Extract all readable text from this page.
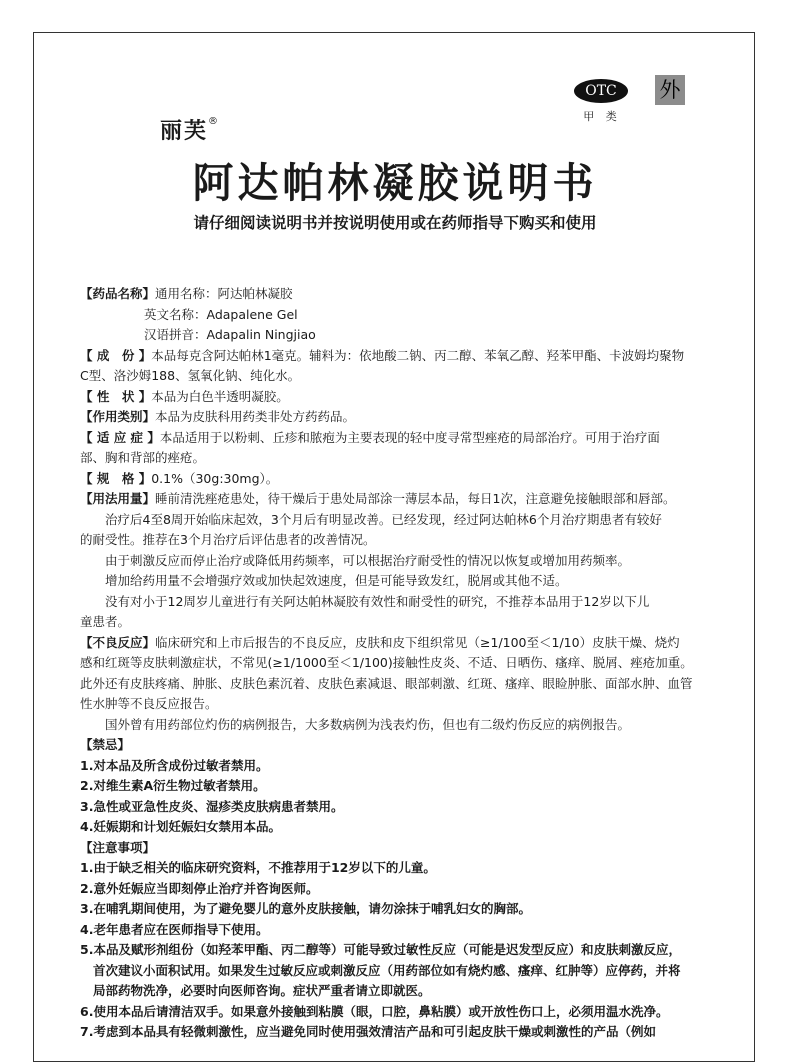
丽芙®
OTC
甲 类
外
阿达帕林凝胶说明书
请仔细阅读说明书并按说明使用或在药师指导下购买和使用
【药品名称】通用名称：阿达帕林凝胶
英文名称：Adapalene Gel
汉语拼音：Adapalin Ningjiao
【 成　份 】本品每克含阿达帕林1毫克。辅料为：依地酸二钠、丙二醇、苯氧乙醇、羟苯甲酯、卡波姆均聚物
C型、洛沙姆188、氢氧化钠、纯化水。
【 性　状 】本品为白色半透明凝胶。
【作用类别】本品为皮肤科用药类非处方药药品。
【 适 应 症 】本品适用于以粉刺、丘疹和脓疱为主要表现的轻中度寻常型痤疮的局部治疗。可用于治疗面
部、胸和背部的痤疮。
【 规　格 】0.1%（30g:30mg）。
【用法用量】睡前清洗痤疮患处，待干燥后于患处局部涂一薄层本品，每日1次，注意避免接触眼部和唇部。
治疗后4至8周开始临床起效，3个月后有明显改善。已经发现，经过阿达帕林6个月治疗期患者有较好
的耐受性。推荐在3个月治疗后评估患者的改善情况。
由于刺激反应而停止治疗或降低用药频率，可以根据治疗耐受性的情况以恢复或增加用药频率。
增加给药用量不会增强疗效或加快起效速度，但是可能导致发红，脱屑或其他不适。
没有对小于12周岁儿童进行有关阿达帕林凝胶有效性和耐受性的研究，不推荐本品用于12岁以下儿
童患者。
【不良反应】临床研究和上市后报告的不良反应，皮肤和皮下组织常见（≥1/100至＜1/10）皮肤干燥、烧灼
感和红斑等皮肤刺激症状，不常见(≥1/1000至＜1/100)接触性皮炎、不适、日晒伤、瘙痒、脱屑、痤疮加重。
此外还有皮肤疼痛、肿胀、皮肤色素沉着、皮肤色素减退、眼部刺激、红斑、瘙痒、眼睑肿胀、面部水肿、血管
性水肿等不良反应报告。
国外曾有用药部位灼伤的病例报告，大多数病例为浅表灼伤，但也有二级灼伤反应的病例报告。
【禁忌】
1.对本品及所含成份过敏者禁用。
2.对维生素A衍生物过敏者禁用。
3.急性或亚急性皮炎、湿疹类皮肤病患者禁用。
4.妊娠期和计划妊娠妇女禁用本品。
【注意事项】
1.由于缺乏相关的临床研究资料，不推荐用于12岁以下的儿童。
2.意外妊娠应当即刻停止治疗并咨询医师。
3.在哺乳期间使用，为了避免婴儿的意外皮肤接触，请勿涂抹于哺乳妇女的胸部。
4.老年患者应在医师指导下使用。
5.本品及赋形剂组份（如羟苯甲酯、丙二醇等）可能导致过敏性反应（可能是迟发型反应）和皮肤刺激反应，
首次建议小面积试用。如果发生过敏反应或刺激反应（用药部位如有烧灼感、瘙痒、红肿等）应停药，并将
局部药物洗净，必要时向医师咨询。症状严重者请立即就医。
6.使用本品后请清洁双手。如果意外接触到粘膜（眼，口腔，鼻粘膜）或开放性伤口上，必须用温水洗净。
7.考虑到本品具有轻微刺激性，应当避免同时使用强效清洁产品和可引起皮肤干燥或刺激性的产品（例如
